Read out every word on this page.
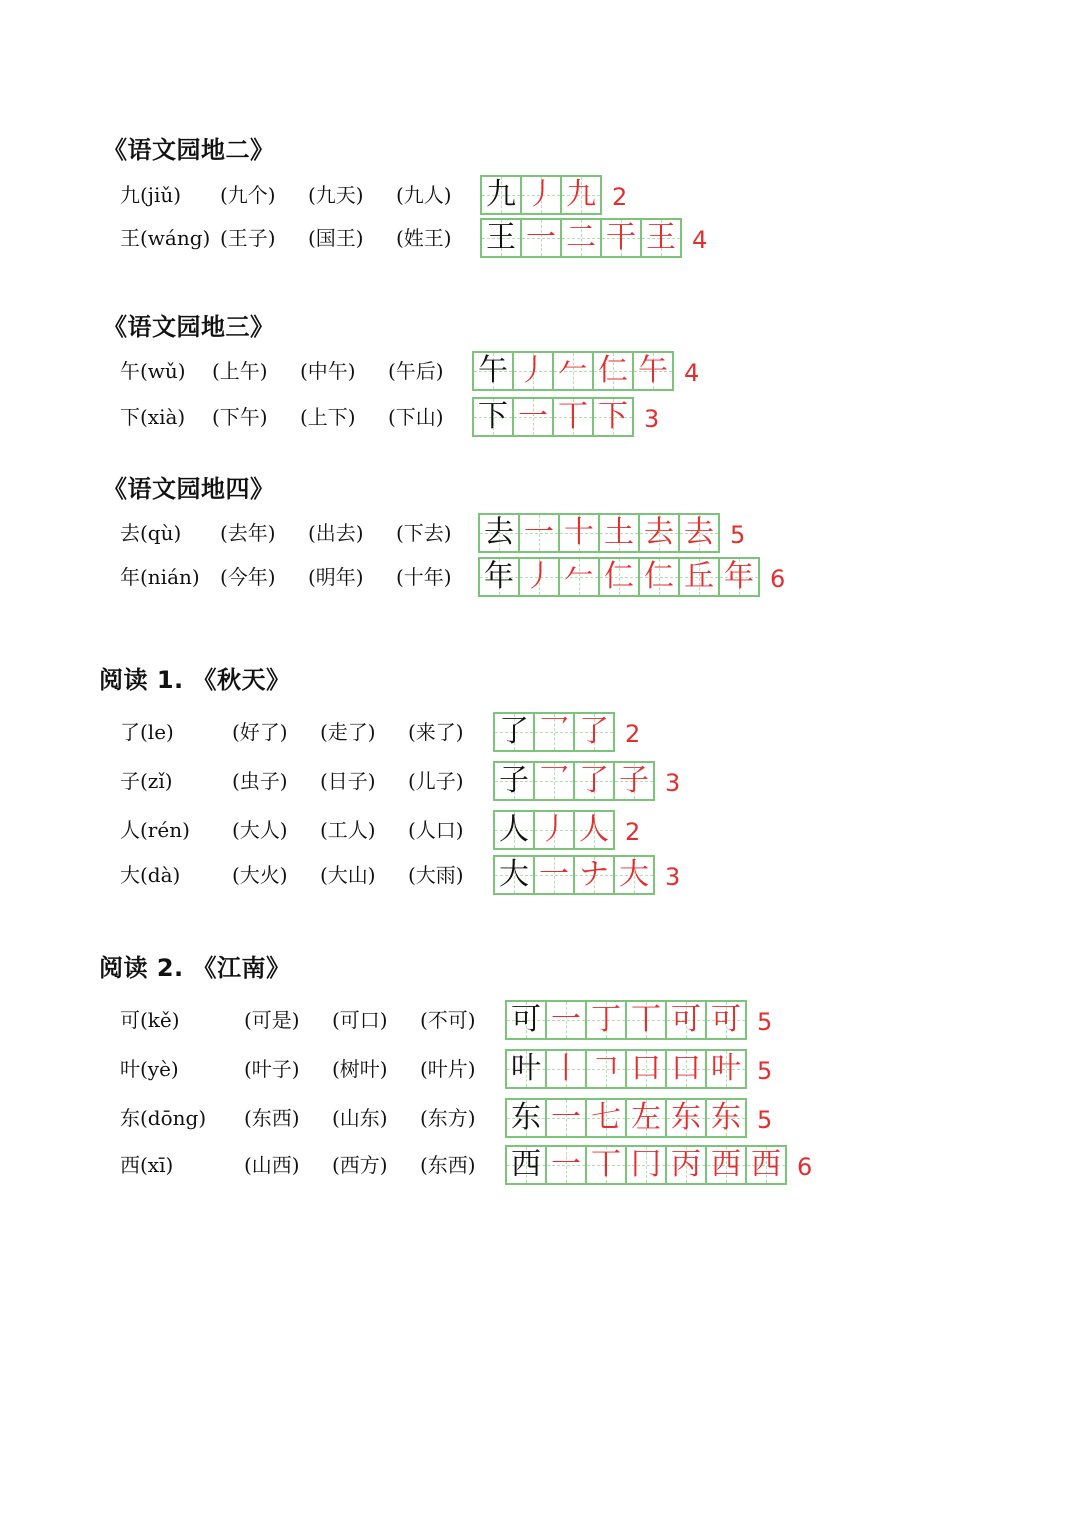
《语文园地二》
九(jiǔ) (九个) (九天) (九人) 九 丿 九 2
王(wáng) (王子) (国王) (姓王) 王 一 二 干 王 4
《语文园地三》
午(wǔ) (上午) (中午) (午后) 午 丿 𠂉 仁 午 4
下(xià) (下午) (上下) (下山) 下 一 丅 下 3
《语文园地四》
去(qù) (去年) (出去) (下去) 去 一 十 土 去 去 5
年(nián) (今年) (明年) (十年) 年 丿 𠂉 仁 仁 丘 年 6
阅读 1. 《秋天》
了(le)	(好了) (走了) (来了) 了 乛 了 2
子(zǐ)	(虫子) (日子) (儿子) 子 乛 了 子 3
人(rén) (大人) (工人) (人口) 人 丿 人 2
大(dà)	(大火) (大山) (大雨) 大 一 ナ 大 3
阅读 2. 《江南》
可(kě)	(可是) (可口) (不可) 可 一 丁 丅 可 可 5
叶(yè)	(叶子) (树叶) (叶片) 叶 丨 𠃍 口 口 叶 5
东(dōng) (东西) (山东) (东方) 东 一 七 左 东 东 5
西(xī)	(山西) (西方) (东西) 西 一 丅 冂 丙 西 西 6
